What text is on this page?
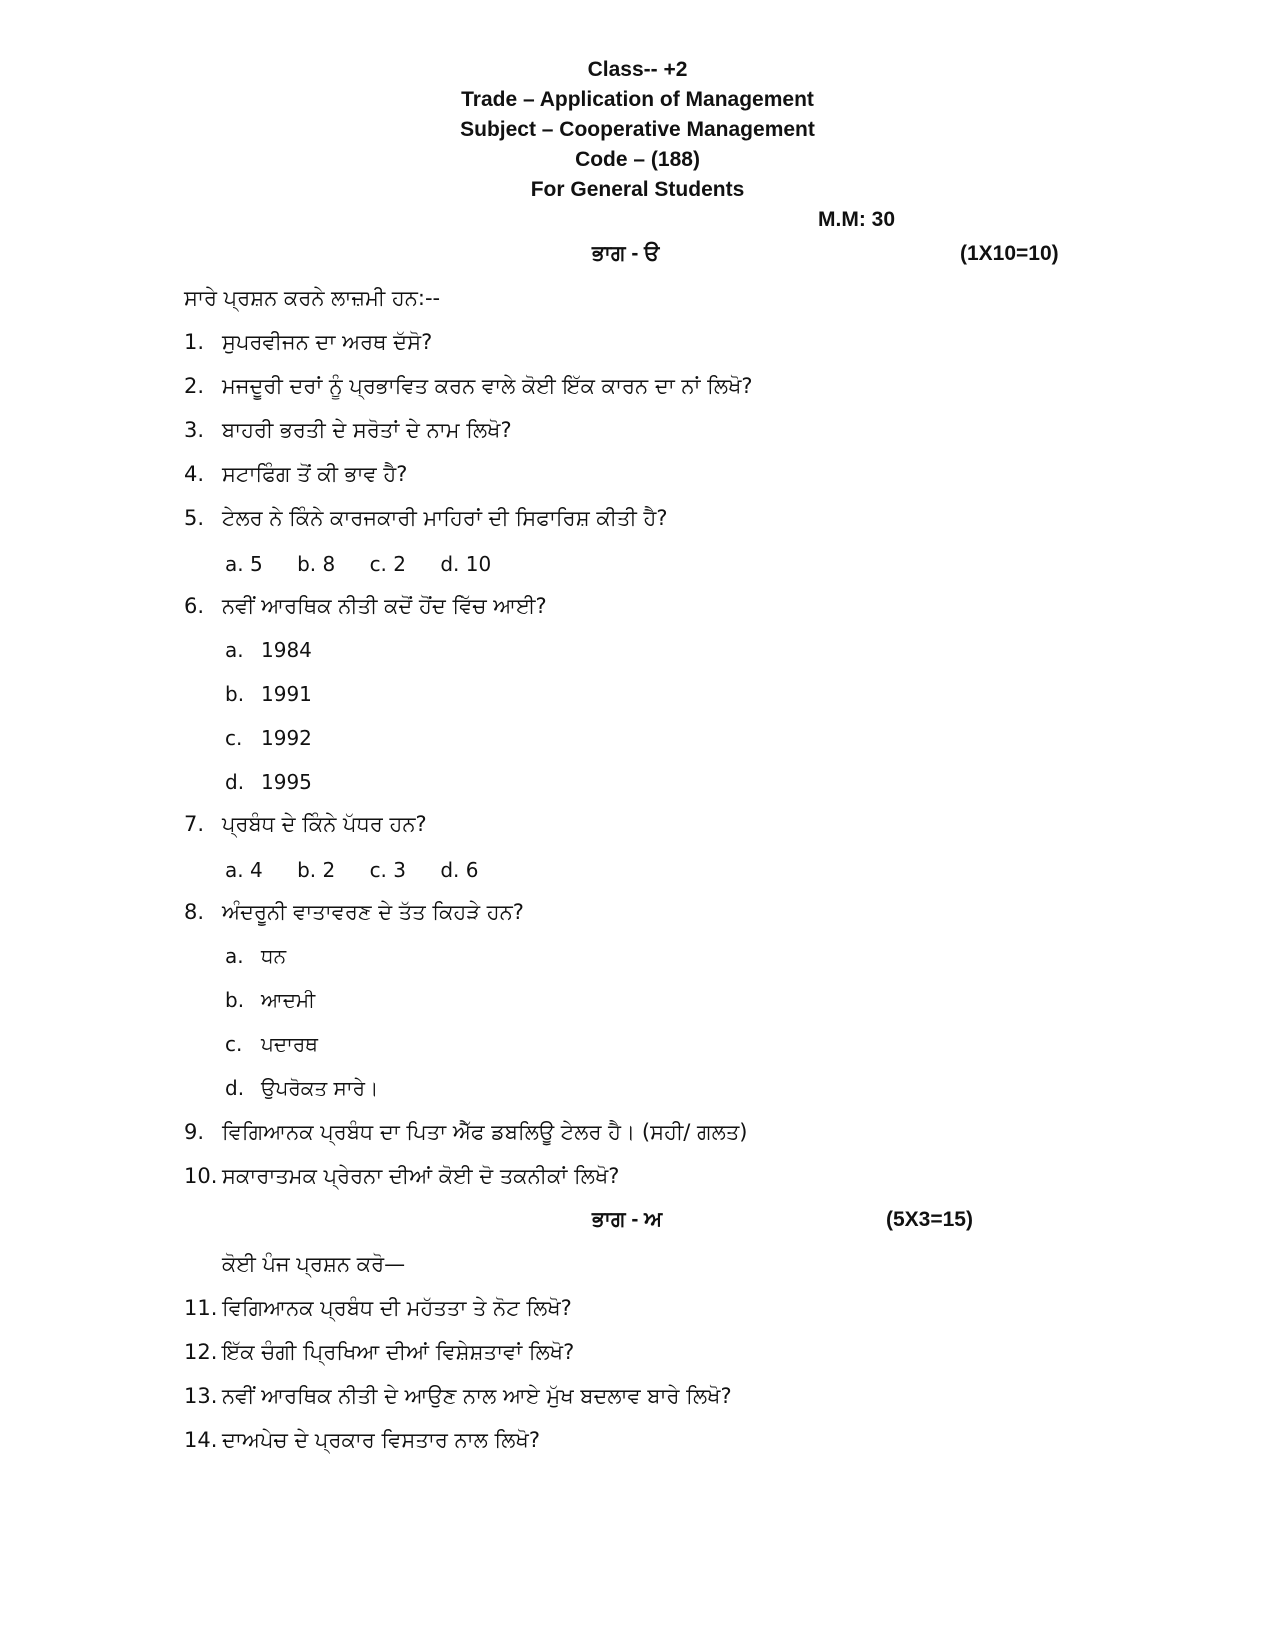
Class-- +2
Trade – Application of Management
Subject – Cooperative Management
Code – (188)
For General Students
M.M: 30
ਭਾਗ - ੳ	(1X10=10)
ਸਾਰੇ ਪ੍ਰਸ਼ਨ ਕਰਨੇ ਲਾਜ਼ਮੀ ਹਨ:--
1. ਸੁਪਰਵੀਜਨ ਦਾ ਅਰਥ ਦੱਸੋ?
2. ਮਜਦੂਰੀ ਦਰਾਂ ਨੂੰ ਪ੍ਰਭਾਵਿਤ ਕਰਨ ਵਾਲੇ ਕੋਈ ਇੱਕ ਕਾਰਨ ਦਾ ਨਾਂ ਲਿਖੋ?
3. ਬਾਹਰੀ ਭਰਤੀ ਦੇ ਸਰੋਤਾਂ ਦੇ ਨਾਮ ਲਿਖੋ?
4. ਸਟਾਫਿੰਗ ਤੋਂ ਕੀ ਭਾਵ ਹੈ?
5. ਟੇਲਰ ਨੇ ਕਿੰਨੇ ਕਾਰਜਕਾਰੀ ਮਾਹਿਰਾਂ ਦੀ ਸਿਫਾਰਿਸ਼ ਕੀਤੀ ਹੈ?
a. 5 b. 8 c. 2 d. 10
6. ਨਵੀਂ ਆਰਥਿਕ ਨੀਤੀ ਕਦੋਂ ਹੋਂਦ ਵਿੱਚ ਆਈ?
a. 1984
b. 1991
c. 1992
d. 1995
7. ਪ੍ਰਬੰਧ ਦੇ ਕਿੰਨੇ ਪੱਧਰ ਹਨ?
a. 4 b. 2 c. 3 d. 6
8. ਅੰਦਰੂਨੀ ਵਾਤਾਵਰਣ ਦੇ ਤੱਤ ਕਿਹੜੇ ਹਨ?
a. ਧਨ
b. ਆਦਮੀ
c. ਪਦਾਰਥ
d. ਉਪਰੋਕਤ ਸਾਰੇ।
9. ਵਿਗਿਆਨਕ ਪ੍ਰਬੰਧ ਦਾ ਪਿਤਾ ਐੱਫ ਡਬਲਿਊ ਟੇਲਰ ਹੈ। (ਸਹੀ/ ਗਲਤ)
10. ਸਕਾਰਾਤਮਕ ਪ੍ਰੇਰਨਾ ਦੀਆਂ ਕੋਈ ਦੋ ਤਕਨੀਕਾਂ ਲਿਖੋ?
ਭਾਗ - ਅ	(5X3=15)
ਕੋਈ ਪੰਜ ਪ੍ਰਸ਼ਨ ਕਰੋ—
11. ਵਿਗਿਆਨਕ ਪ੍ਰਬੰਧ ਦੀ ਮਹੱਤਤਾ ਤੇ ਨੋਟ ਲਿਖੋ?
12. ਇੱਕ ਚੰਗੀ ਪ੍ਰਿਖਿਆ ਦੀਆਂ ਵਿਸ਼ੇਸ਼ਤਾਵਾਂ ਲਿਖੋ?
13. ਨਵੀਂ ਆਰਥਿਕ ਨੀਤੀ ਦੇ ਆਉਣ ਨਾਲ ਆਏ ਮੁੱਖ ਬਦਲਾਵ ਬਾਰੇ ਲਿਖੋ?
14. ਦਾਅਪੇਚ ਦੇ ਪ੍ਰਕਾਰ ਵਿਸਤਾਰ ਨਾਲ ਲਿਖੋ?
